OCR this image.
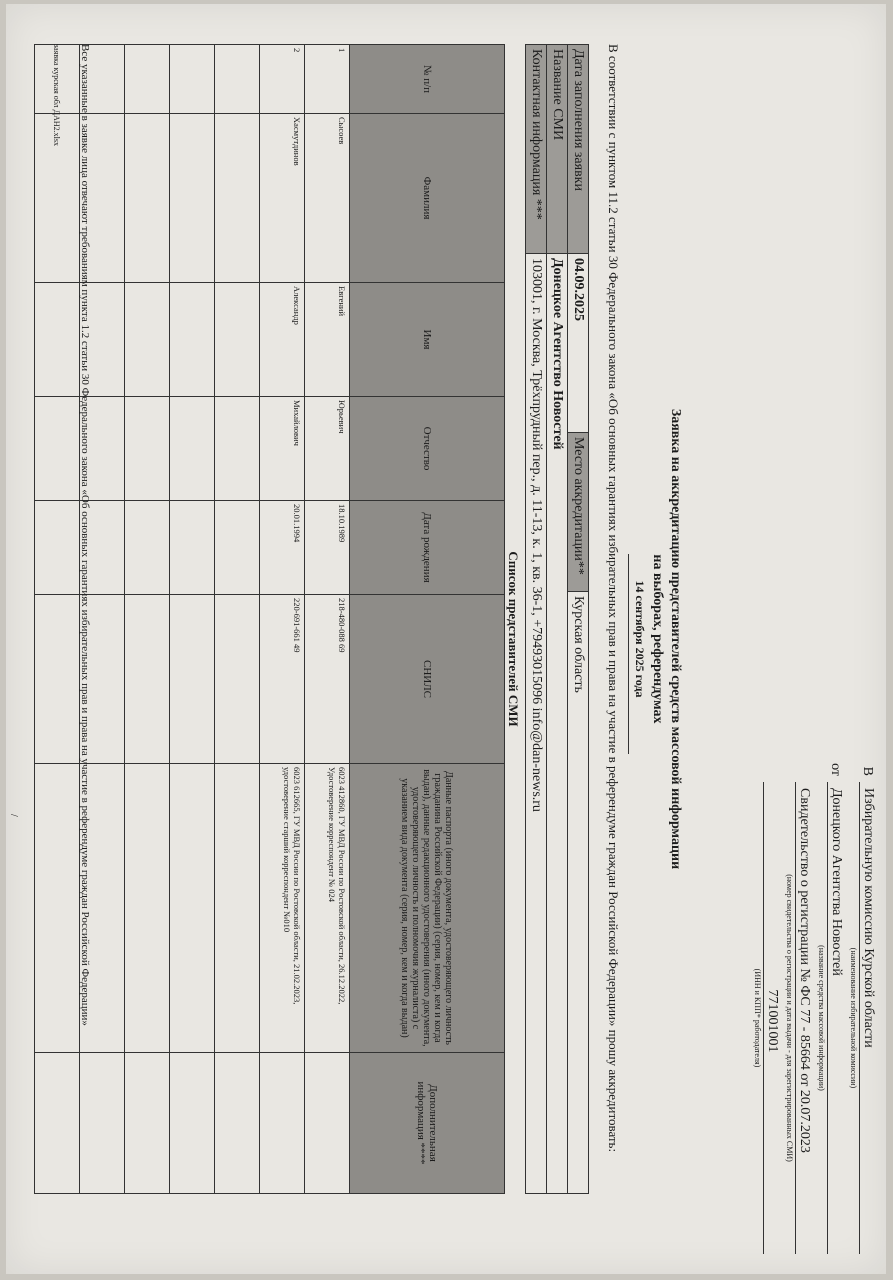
В
Избирательную комиссию Курской области
(наименование избирательной комиссии)
от
Донецкого Агентства Новостей
(название средства массовой информации)
Свидетельство о регистрации № ФС 77 - 85664 от 20.07.2023
(номер свидетельства о регистрации и дата выдачи - для зарегистрированных СМИ)
771001001
(ИНН и КПП* работодателя)
Заявка на аккредитацию представителей средств массовой информации
на выборах, референдумах
14 сентября 2025 года
В соответствии с пунктом 11.2 статьи 30 Федерального закона «Об основных гарантиях избирательных прав и права на участие в референдуме граждан Российской Федерации» прошу аккредитовать:
Дата заполнения заявки	04.09.2025	Место аккредитации**	Курская область
Название СМИ	Донецкое Агентство Новостей		
Контактная информация ***	103001, г. Москва, Трёхпрудный пер., д. 11-13, к. 1, кв. 36-1, +79493015096 info@dan-news.ru		
Список представителей СМИ
№ п/п	Фамилия	Имя	Отчество	Дата рождения	СНИЛС	Данные паспорта (иного документа, удостоверяющего личность гражданина Российской Федерации) (серия, номер, кем и когда выдан), данные редакционного удостоверения (иного документа, удостоверяющего личность и полномочия журналиста) с указанием вида документа (серия, номер, кем и когда выдан)	Дополнительная информация ****
1	Сысоев	Евгений	Юрьевич	18.10.1989	218-480-088 69	6023 412860, ГУ МВД России по Ростовской области, 26.12.2022, Удостоверение корреспондент № 024	
2	Хасмутдинов	Александр	Михайлович	20.01.1994	220-691-661 49	6023 612665, ГУ МВД России по Ростовской области, 21.02.2023, удостоверение старший корреспондент №010	

Все указанные в заявке лица отвечают требованиям пункта 1.2 статьи 30 Федерального закона «Об основных гарантиях избирательных прав и права на участие в референдуме граждан Российской Федерации»
заявка курская обл ДАН2.xlsx
/
